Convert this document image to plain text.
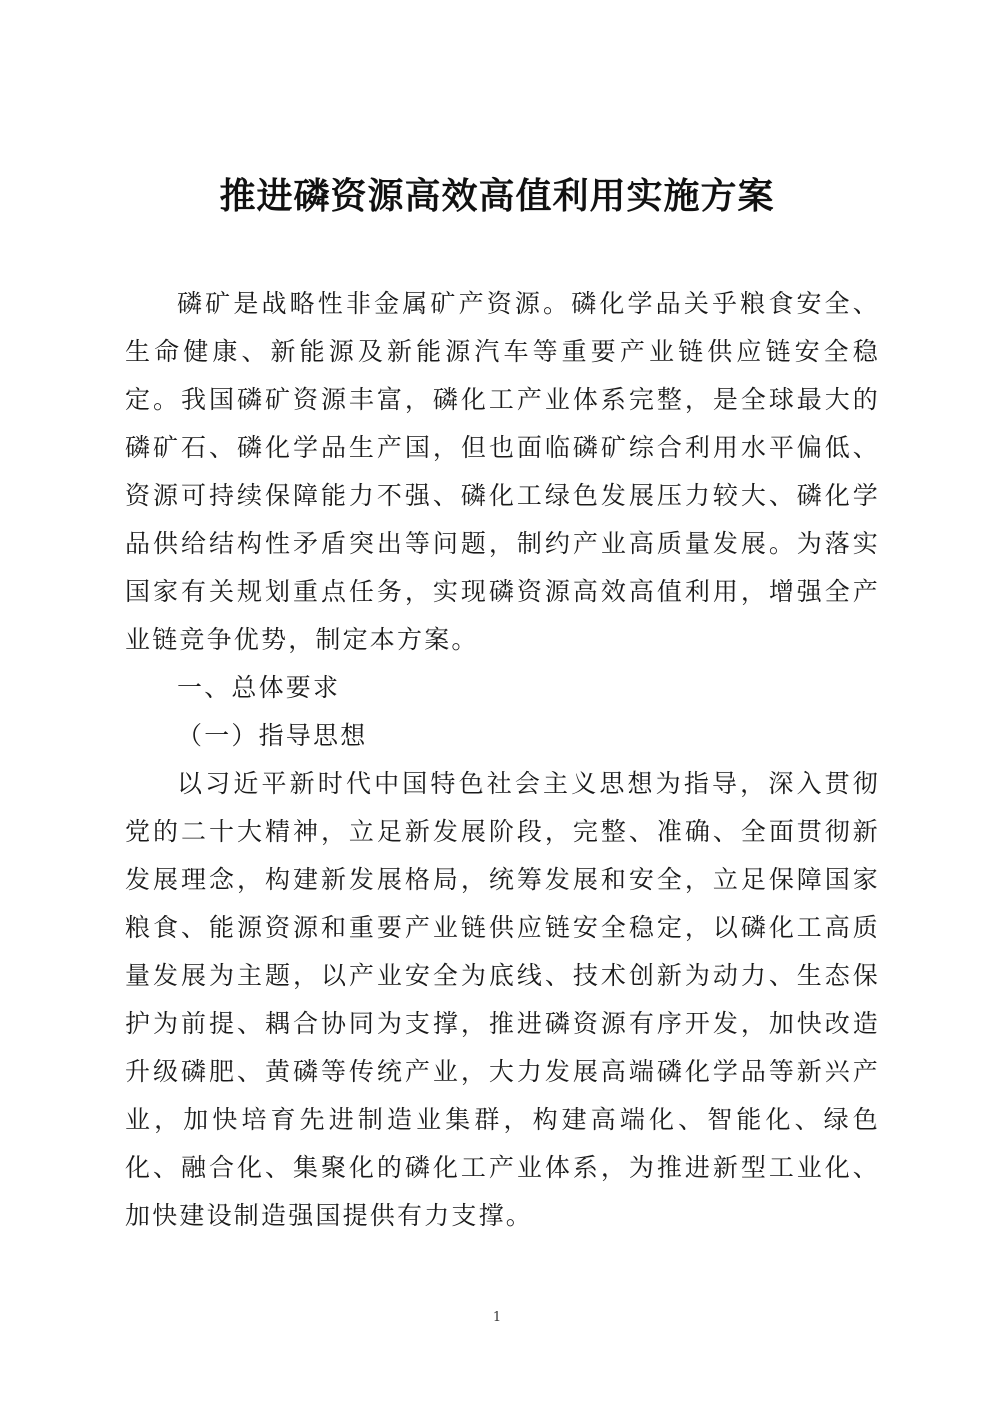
推进磷资源高效高值利用实施方案

磷矿是战略性非金属矿产资源。磷化学品关乎粮食安全、生命健康、新能源及新能源汽车等重要产业链供应链安全稳定。我国磷矿资源丰富，磷化工产业体系完整，是全球最大的磷矿石、磷化学品生产国，但也面临磷矿综合利用水平偏低、资源可持续保障能力不强、磷化工绿色发展压力较大、磷化学品供给结构性矛盾突出等问题，制约产业高质量发展。为落实国家有关规划重点任务，实现磷资源高效高值利用，增强全产业链竞争优势，制定本方案。

一、总体要求

（一）指导思想

以习近平新时代中国特色社会主义思想为指导，深入贯彻党的二十大精神，立足新发展阶段，完整、准确、全面贯彻新发展理念，构建新发展格局，统筹发展和安全，立足保障国家粮食、能源资源和重要产业链供应链安全稳定，以磷化工高质量发展为主题，以产业安全为底线、技术创新为动力、生态保护为前提、耦合协同为支撑，推进磷资源有序开发，加快改造升级磷肥、黄磷等传统产业，大力发展高端磷化学品等新兴产业，加快培育先进制造业集群，构建高端化、智能化、绿色化、融合化、集聚化的磷化工产业体系，为推进新型工业化、加快建设制造强国提供有力支撑。

1
